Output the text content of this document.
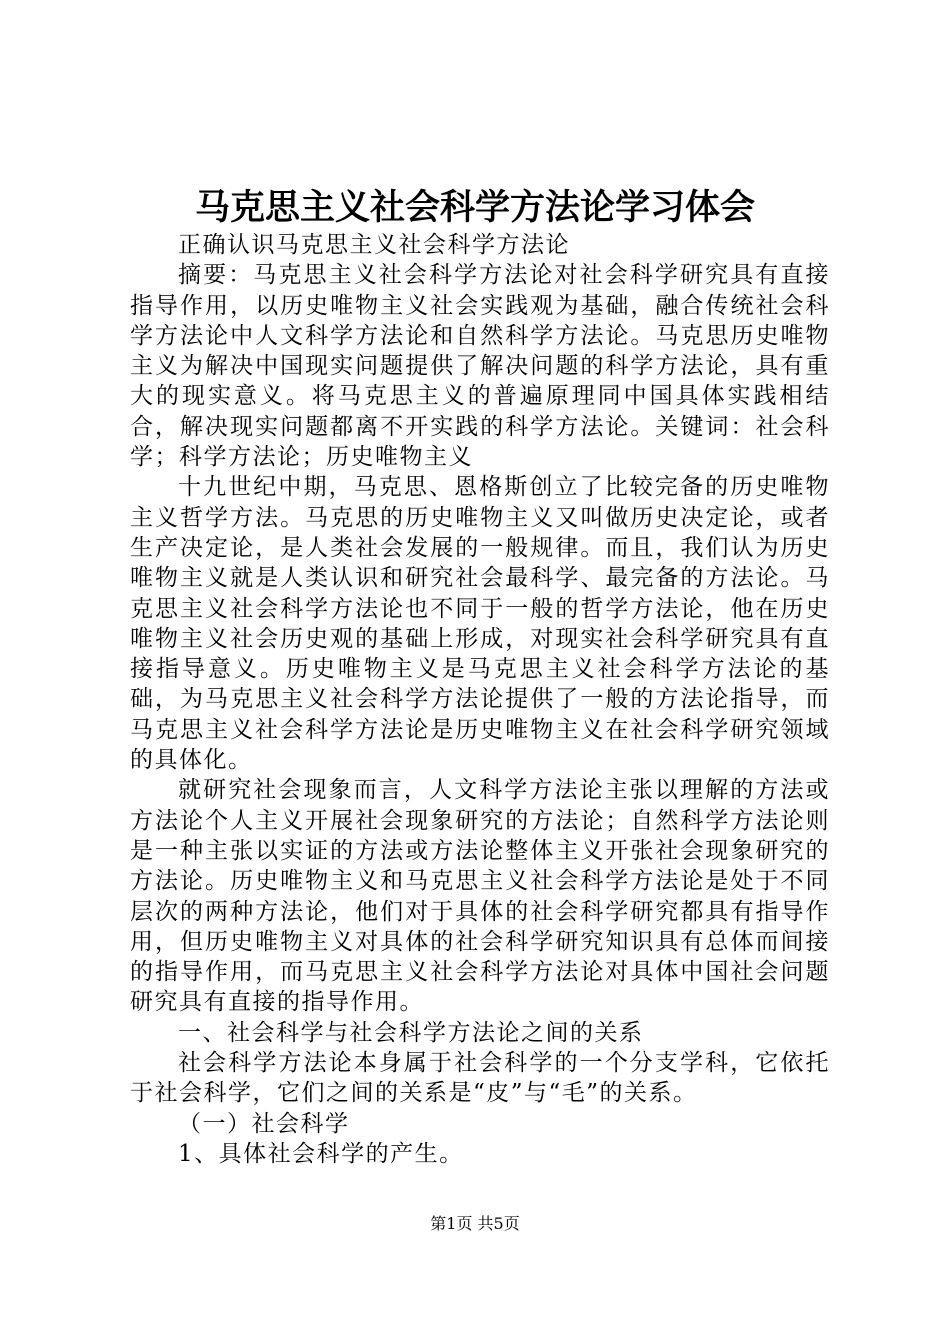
马克思主义社会科学方法论学习体会

正确认识马克思主义社会科学方法论

摘要：马克思主义社会科学方法论对社会科学研究具有直接指导作用，以历史唯物主义社会实践观为基础，融合传统社会科学方法论中人文科学方法论和自然科学方法论。马克思历史唯物主义为解决中国现实问题提供了解决问题的科学方法论，具有重大的现实意义。将马克思主义的普遍原理同中国具体实践相结合，解决现实问题都离不开实践的科学方法论。关键词：社会科学；科学方法论；历史唯物主义

十九世纪中期，马克思、恩格斯创立了比较完备的历史唯物主义哲学方法。马克思的历史唯物主义又叫做历史决定论，或者生产决定论，是人类社会发展的一般规律。而且，我们认为历史唯物主义就是人类认识和研究社会最科学、最完备的方法论。马克思主义社会科学方法论也不同于一般的哲学方法论，他在历史唯物主义社会历史观的基础上形成，对现实社会科学研究具有直接指导意义。历史唯物主义是马克思主义社会科学方法论的基础，为马克思主义社会科学方法论提供了一般的方法论指导，而马克思主义社会科学方法论是历史唯物主义在社会科学研究领域的具体化。

就研究社会现象而言，人文科学方法论主张以理解的方法或方法论个人主义开展社会现象研究的方法论；自然科学方法论则是一种主张以实证的方法或方法论整体主义开张社会现象研究的方法论。历史唯物主义和马克思主义社会科学方法论是处于不同层次的两种方法论，他们对于具体的社会科学研究都具有指导作用，但历史唯物主义对具体的社会科学研究知识具有总体而间接的指导作用，而马克思主义社会科学方法论对具体中国社会问题研究具有直接的指导作用。

一、社会科学与社会科学方法论之间的关系

社会科学方法论本身属于社会科学的一个分支学科，它依托于社会科学，它们之间的关系是“皮”与“毛”的关系。

（一）社会科学

1、具体社会科学的产生。

第1页 共5页
